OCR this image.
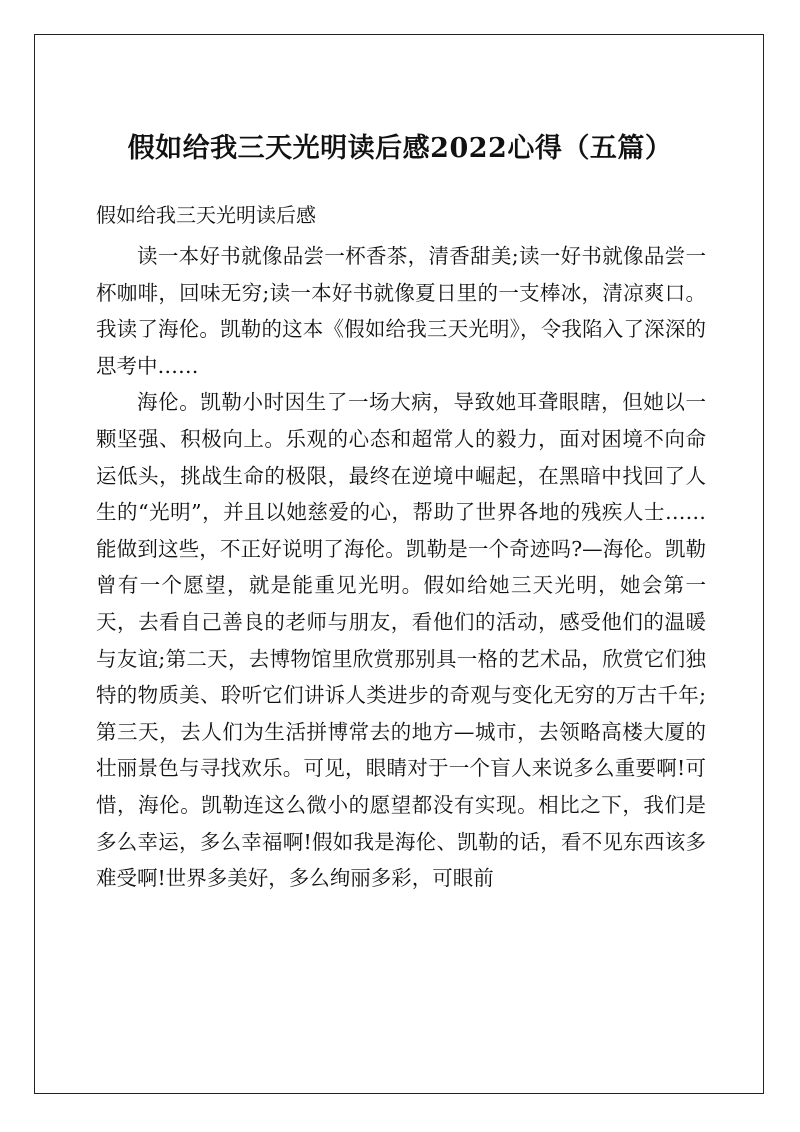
假如给我三天光明读后感2022心得（五篇）
假如给我三天光明读后感

读一本好书就像品尝一杯香茶，清香甜美;读一好书就像品尝一杯咖啡，回味无穷;读一本好书就像夏日里的一支棒冰，清凉爽口。我读了海伦。凯勒的这本《假如给我三天光明》，令我陷入了深深的思考中……

海伦。凯勒小时因生了一场大病，导致她耳聋眼瞎，但她以一颗坚强、积极向上。乐观的心态和超常人的毅力，面对困境不向命运低头，挑战生命的极限，最终在逆境中崛起，在黑暗中找回了人生的“光明”，并且以她慈爱的心，帮助了世界各地的残疾人士……能做到这些，不正好说明了海伦。凯勒是一个奇迹吗?—海伦。凯勒曾有一个愿望，就是能重见光明。假如给她三天光明，她会第一天，去看自己善良的老师与朋友，看他们的活动，感受他们的温暖与友谊;第二天，去博物馆里欣赏那别具一格的艺术品，欣赏它们独特的物质美、聆听它们讲诉人类进步的奇观与变化无穷的万古千年;第三天，去人们为生活拼博常去的地方—城市，去领略高楼大厦的壮丽景色与寻找欢乐。可见，眼睛对于一个盲人来说多么重要啊!可惜，海伦。凯勒连这么微小的愿望都没有实现。相比之下，我们是多么幸运，多么幸福啊!假如我是海伦、凯勒的话，看不见东西该多难受啊!世界多美好，多么绚丽多彩，可眼前
